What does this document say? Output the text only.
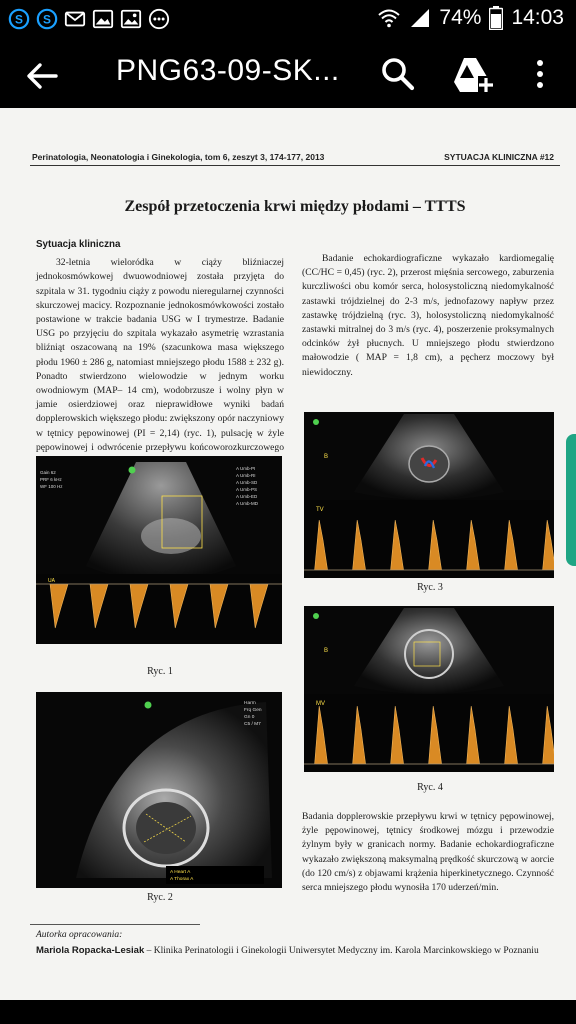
S S	74% 14:03
PNG63-09-SK...
Perinatologia, Neonatologia i Ginekologia, tom 6, zeszyt 3, 174-177, 2013	SYTUACJA KLINICZNA #12
Zespół przetoczenia krwi między płodami – TTTS
Sytuacja kliniczna

32-letnia wieloródka w ciąży bliźniaczej jednokosmówkowej dwuowodniowej została przyjęta do szpitala w 31. tygodniu ciąży z powodu nieregularnej czynności skurczowej macicy. Rozpoznanie jednokosmówkowości zostało postawione w trakcie badania USG w I trymestrze. Badanie USG po przyjęciu do szpitala wykazało asymetrię wzrastania bliźniąt oszacowaną na 19% (szacunkowa masa większego płodu 1960 ± 286 g, natomiast mniejszego płodu 1588 ± 232 g). Ponadto stwierdzono wielowodzie w jednym worku owodniowym (MAP– 14 cm), wodobrzusze i wolny płyn w jamie osierdziowej oraz nieprawidłowe wyniki badań dopplerowskich większego płodu: zwiększony opór naczyniowy w tętnicy pępowinowej (PI = 2,14) (ryc. 1), pulsację w żyle pępowinowej i odwrócenie przepływu końcoworozkurczowego

Badanie echokardiograficzne wykazało kardiomegalię (CC/HC = 0,45) (ryc. 2), przerost mięśnia sercowego, zaburzenia kurczliwości obu komór serca, holosystoliczną niedomykalność zastawki trójdzielnej do 2-3 m/s, jednofazowy napływ przez zastawkę trójdzielną (ryc. 3), holosystoliczną niedomykalność zastawki mitralnej do 3 m/s (ryc. 4), poszerzenie proksymalnych odcinków żył płucnych. U mniejszego płodu stwierdzono małowodzie ( MAP = 1,8 cm), a pęcherz moczowy był niewidoczny.

A Umb-PI
A Umb-RI
A Umb-SD
A Umb-PS
A Umb-ED
A Umb-MD
Gain 62
PRF 6 kHz
WF 100 Hz
UA
Ryc. 1
Harm
Frq Gen
Gn 0
C5 / M7
A Heart A
A Thorax A
Ryc. 2
B
TV
Ryc. 3
B
MV
Ryc. 4

Badania dopplerowskie przepływu krwi w tętnicy pępowinowej, żyle pępowinowej, tętnicy środkowej mózgu i przewodzie żylnym były w granicach normy. Badanie echokardiograficzne wykazało zwiększoną maksymalną prędkość skurczową w aorcie (do 120 cm/s) z objawami krążenia hiperkinetycznego. Czynność serca mniejszego płodu wynosiła 170 uderzeń/min.

Autorka opracowania:
Mariola Ropacka-Lesiak – Klinika Perinatologii i Ginekologii Uniwersytet Medyczny im. Karola Marcinkowskiego w Poznaniu
